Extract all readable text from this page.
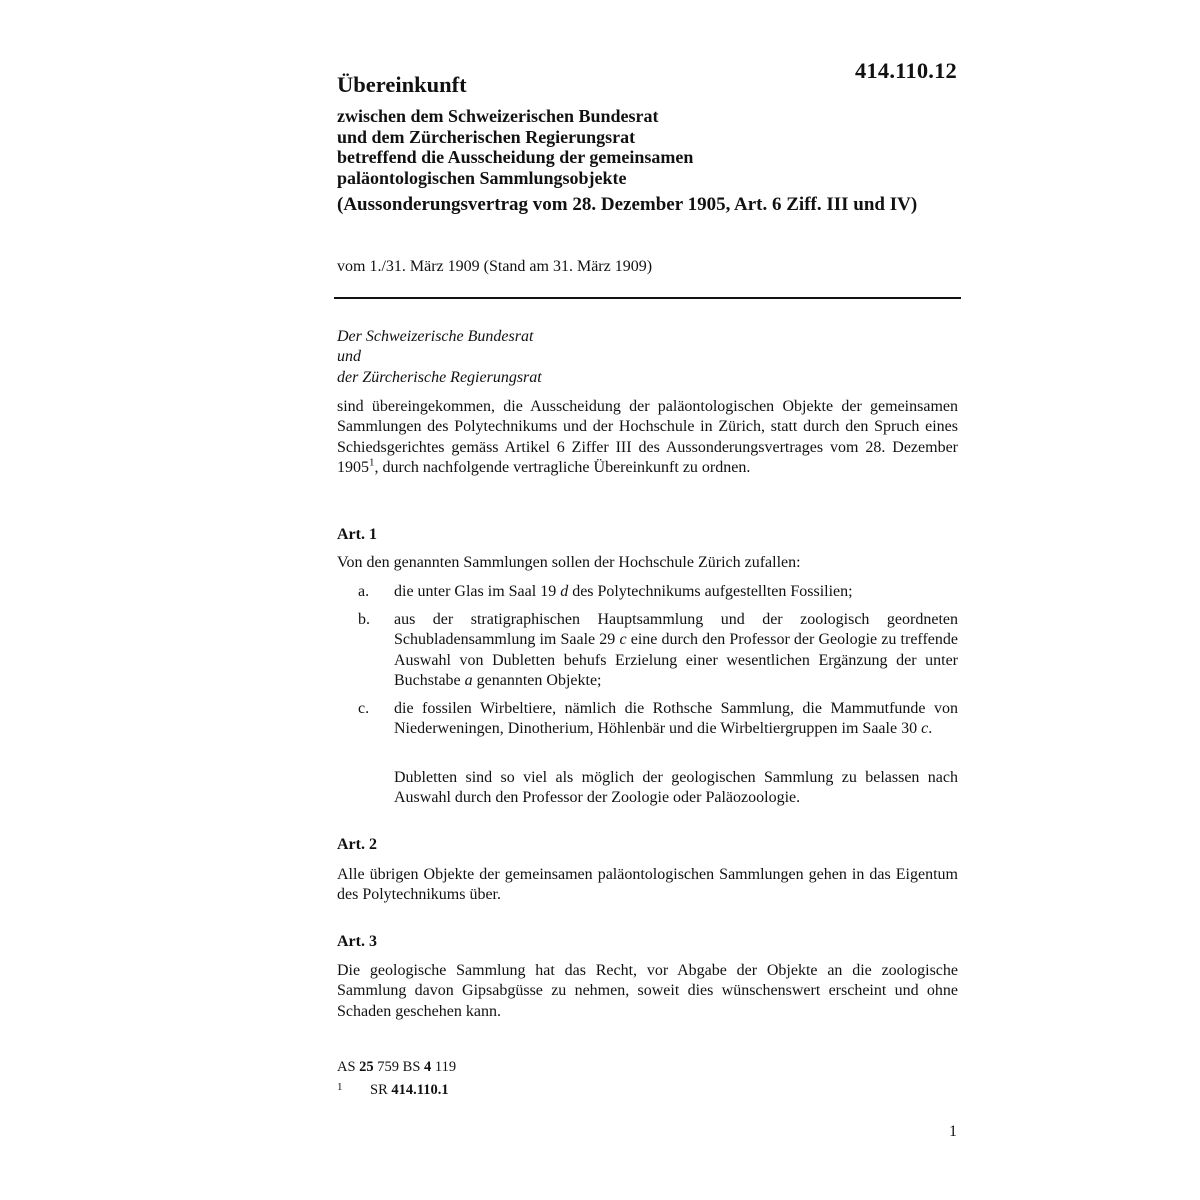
414.110.12
Übereinkunft
zwischen dem Schweizerischen Bundesrat
und dem Zürcherischen Regierungsrat
betreffend die Ausscheidung der gemeinsamen
paläontologischen Sammlungsobjekte
(Aussonderungsvertrag vom 28. Dezember 1905, Art. 6 Ziff. III und IV)
vom 1./31. März 1909 (Stand am 31. März 1909)
Der Schweizerische Bundesrat
und
der Zürcherische Regierungsrat
sind übereingekommen, die Ausscheidung der paläontologischen Objekte der gemeinsamen Sammlungen des Polytechnikums und der Hochschule in Zürich, statt durch den Spruch eines Schiedsgerichtes gemäss Artikel 6 Ziffer III des Aussonderungsvertrages vom 28. Dezember 1905$^1$, durch nachfolgende vertragliche Übereinkunft zu ordnen.
Art. 1
Von den genannten Sammlungen sollen der Hochschule Zürich zufallen:
a. die unter Glas im Saal 19 d des Polytechnikums aufgestellten Fossilien;
b. aus der stratigraphischen Hauptsammlung und der zoologisch geordneten Schubladensammlung im Saale 29 c eine durch den Professor der Geologie zu treffende Auswahl von Dubletten behufs Erzielung einer wesentlichen Ergänzung der unter Buchstabe a genannten Objekte;
c. die fossilen Wirbeltiere, nämlich die Rothsche Sammlung, die Mammutfunde von Niederweningen, Dinotherium, Höhlenbär und die Wirbeltiergruppen im Saale 30 c.
Dubletten sind so viel als möglich der geologischen Sammlung zu belassen nach Auswahl durch den Professor der Zoologie oder Paläozoologie.
Art. 2
Alle übrigen Objekte der gemeinsamen paläontologischen Sammlungen gehen in das Eigentum des Polytechnikums über.
Art. 3
Die geologische Sammlung hat das Recht, vor Abgabe der Objekte an die zoologische Sammlung davon Gipsabgüsse zu nehmen, soweit dies wünschenswert erscheint und ohne Schaden geschehen kann.
AS 25 759 BS 4 119
1 SR 414.110.1
1
